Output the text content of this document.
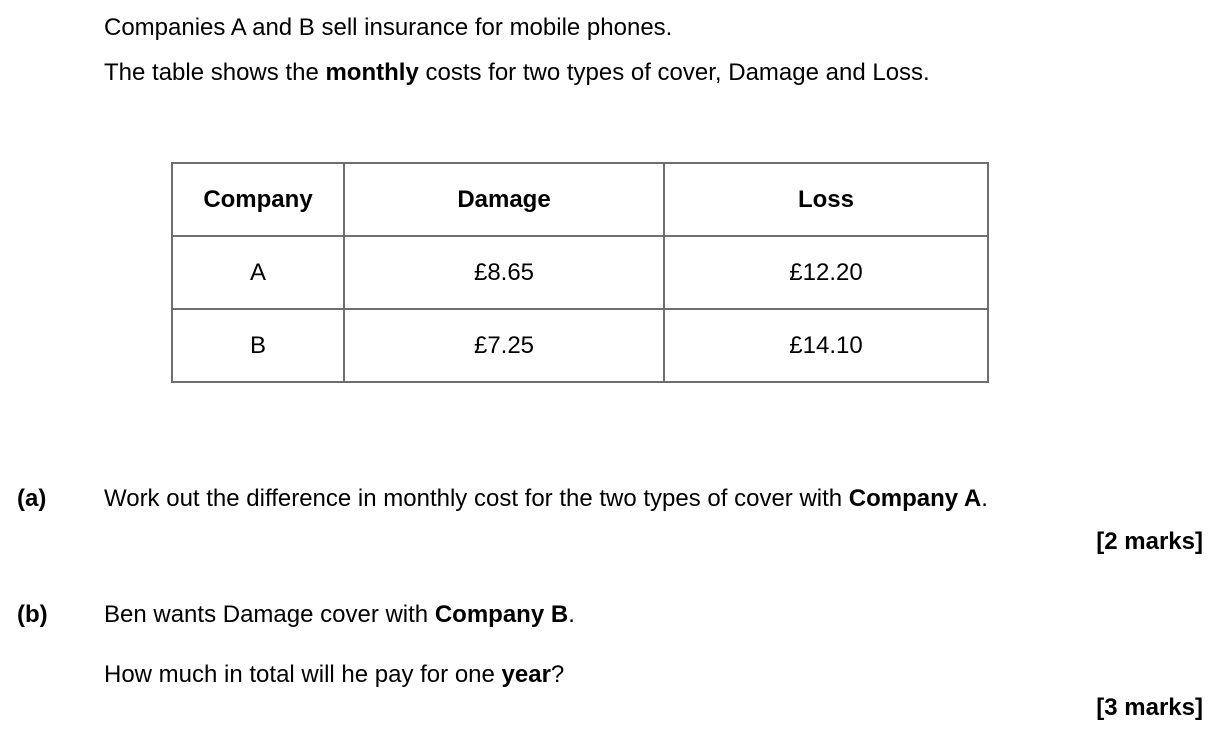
Companies A and B sell insurance for mobile phones.
The table shows the monthly costs for two types of cover, Damage and Loss.
Company	Damage	Loss
A	£8.65	£12.20
B	£7.25	£14.10
(a) Work out the difference in monthly cost for the two types of cover with Company A.
[2 marks]
(b) Ben wants Damage cover with Company B.
How much in total will he pay for one year?
[3 marks]
